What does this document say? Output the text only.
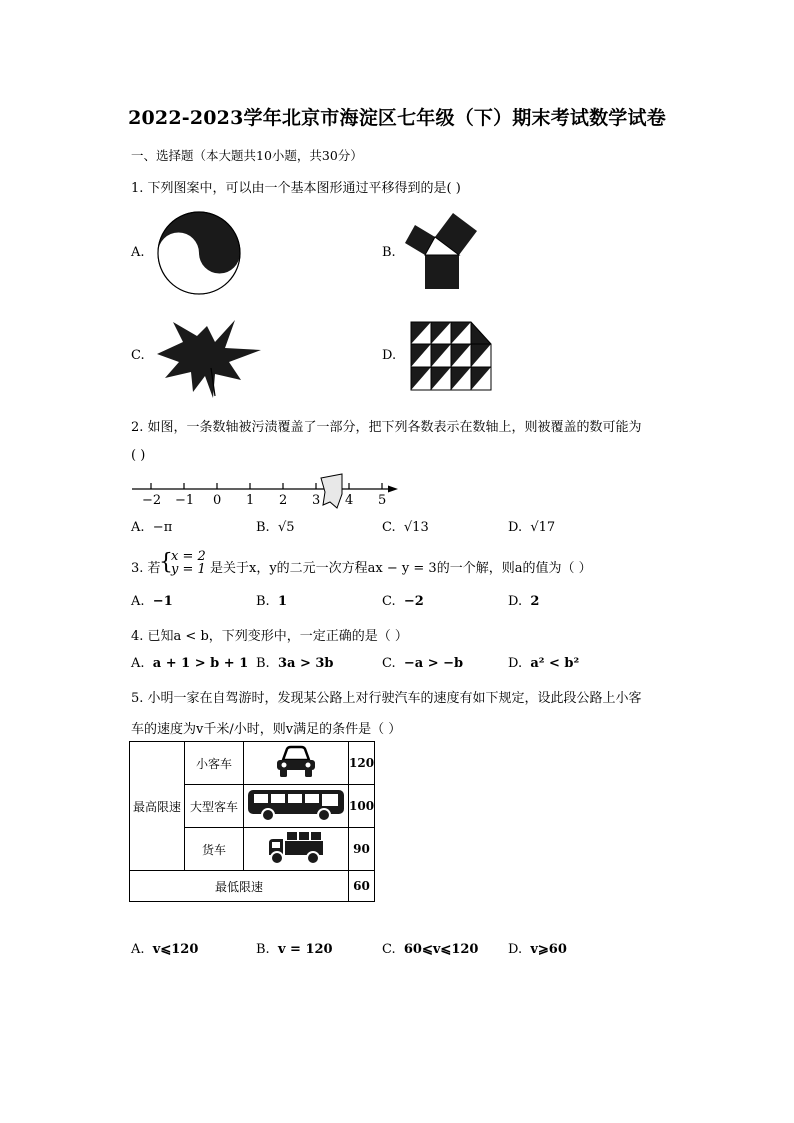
2022-2023学年北京市海淀区七年级（下）期末考试数学试卷
一、选择题（本大题共10小题，共30分）
1. 下列图案中，可以由一个基本图形通过平移得到的是( )
A.	B.
C.	D.
2. 如图，一条数轴被污渍覆盖了一部分，把下列各数表示在数轴上，则被覆盖的数可能为
( )
−2 −1 0 1 2 3 4 5
A. −π	B. √5	C. √13	D. √17
3. 若
{
x = 2
y = 1 是关于x，y的二元一次方程ax − y = 3的一个解，则a的值为（ ）
A. −1	B. 1	C. −2	D. 2
4. 已知a < b，下列变形中，一定正确的是（ ）
A. a + 1 > b + 1 B. 3a > 3b	C. −a > −b	D. a² < b²
5. 小明一家在自驾游时，发现某公路上对行驶汽车的速度有如下规定，设此段公路上小客
车的速度为v千米/小时，则v满足的条件是（ ）
最高限速	小客车		120
	大型客车		100
	货车		90
最低限速			60
A. v⩽120	B. v = 120	C. 60⩽v⩽120 D. v⩾60
